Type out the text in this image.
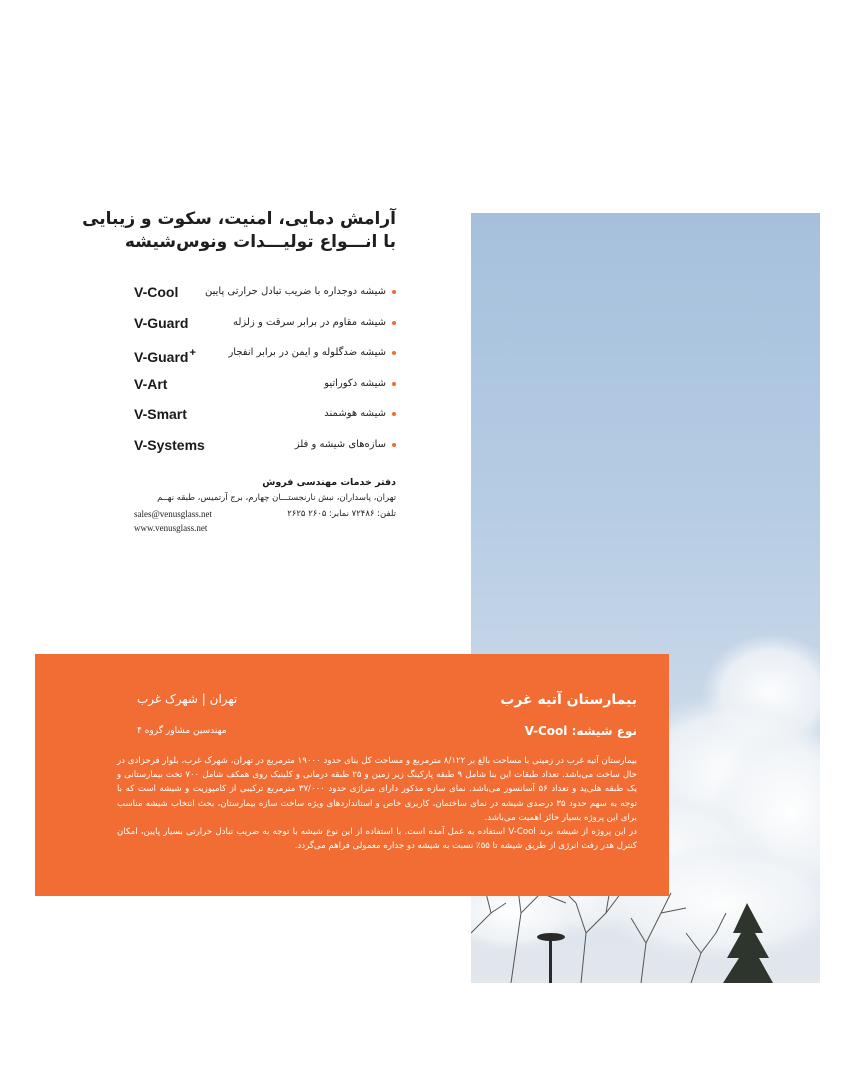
آرامش دمایی، امنیت، سکوت و زیبایی
با انـــواع تولیـــدات ونوس‌شیشه
V-Cool	شیشه دوجداره با ضریب تبادل حرارتی پایین
V-Guard	شیشه مقاوم در برابر سرقت و زلزله
V-Guard+	شیشه ضدگلوله و ایمن در برابر انفجار
V-Art	شیشه دکوراتیو
V-Smart	شیشه هوشمند
V-Systems	سازه‌های شیشه و فلز
دفتر خدمات مهندسی فروش
تهران، پاسداران، نبش نارنجستـــان چهارم، برج آرتمیس، طبقه نهــم
تلفن: ۷۲۴۸۶ نمابر: ۲۶۰۵ ۲۶۲۵
sales@venusglass.net
www.venusglass.net
بیمارستان آتیه غرب
تهران | شهرک غرب
نوع شیشه: V-Cool
مهندسین مشاور گروه ۴

بیمارستان آتیه غرب در زمینی با مساحت بالغ بر ۸/۱۲۲ مترمربع و مساحت کل بنای حدود ۱۹۰۰۰ مترمربع در تهران، شهرک غرب، بلوار فرحزادی در حال ساخت می‌باشد. تعداد طبقات این بنا شامل ۹ طبقه پارکینگ زیر زمین و ۲۵ طبقه درمانی و کلینیک روی همکف شامل ۷۰۰ تخت بیمارستانی و یک طبقه هلی‌پد و تعداد ۵۶ آسانسور می‌باشد. نمای سازه مذکور دارای متراژی حدود ۳۷/۰۰۰ مترمربع ترکیبی از کامپوزیت و شیشه است که با توجه به سهم حدود ۳۵ درصدی شیشه در نمای ساختمان، کاربری خاص و استانداردهای ویژه ساخت سازه بیمارستان، بحث انتخاب شیشه مناسب برای این پروژه بسیار حائز اهمیت می‌باشد.

در این پروژه از شیشه برند V-Cool استفاده به عمل آمده است. با استفاده از این نوع شیشه با توجه به ضریب تبادل حرارتی بسیار پایین، امکان کنترل هدر رفت انرژی از طریق شیشه تا ۵۵٪ نسبت به شیشه دو جداره معمولی فراهم می‌گردد.
